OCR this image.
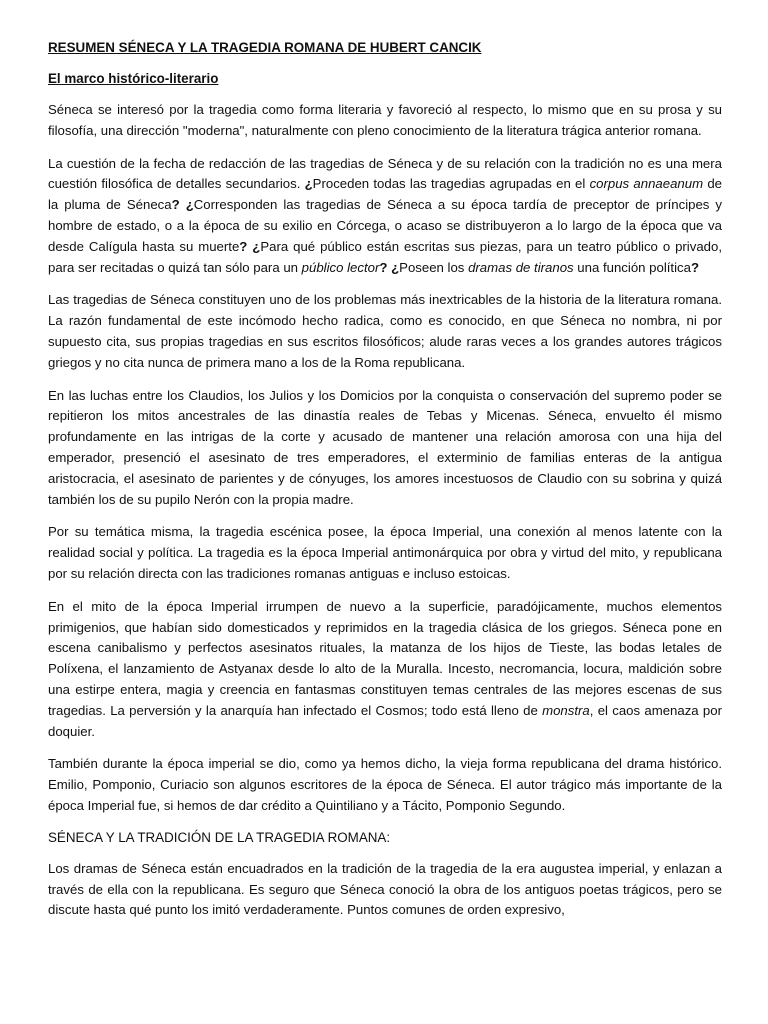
RESUMEN SÉNECA Y LA TRAGEDIA ROMANA DE HUBERT CANCIK
El marco histórico-literario

Séneca se interesó por la tragedia como forma literaria y favoreció al respecto, lo mismo que en su prosa y su filosofía, una dirección "moderna", naturalmente con pleno conocimiento de la literatura trágica anterior romana.

La cuestión de la fecha de redacción de las tragedias de Séneca y de su relación con la tradición no es una mera cuestión filosófica de detalles secundarios. ¿Proceden todas las tragedias agrupadas en el corpus annaeanum de la pluma de Séneca? ¿Corresponden las tragedias de Séneca a su época tardía de preceptor de príncipes y hombre de estado, o a la época de su exilio en Córcega, o acaso se distribuyeron a lo largo de la época que va desde Calígula hasta su muerte? ¿Para qué público están escritas sus piezas, para un teatro público o privado, para ser recitadas o quizá tan sólo para un público lector? ¿Poseen los dramas de tiranos una función política?

Las tragedias de Séneca constituyen uno de los problemas más inextricables de la historia de la literatura romana. La razón fundamental de este incómodo hecho radica, como es conocido, en que Séneca no nombra, ni por supuesto cita, sus propias tragedias en sus escritos filosóficos; alude raras veces a los grandes autores trágicos griegos y no cita nunca de primera mano a los de la Roma republicana.

En las luchas entre los Claudios, los Julios y los Domicios por la conquista o conservación del supremo poder se repitieron los mitos ancestrales de las dinastía reales de Tebas y Micenas. Séneca, envuelto él mismo profundamente en las intrigas de la corte y acusado de mantener una relación amorosa con una hija del emperador, presenció el asesinato de tres emperadores, el exterminio de familias enteras de la antigua aristocracia, el asesinato de parientes y de cónyuges, los amores incestuosos de Claudio con su sobrina y quizá también los de su pupilo Nerón con la propia madre.

Por su temática misma, la tragedia escénica posee, la época Imperial, una conexión al menos latente con la realidad social y política. La tragedia es la época Imperial antimonárquica por obra y virtud del mito, y republicana por su relación directa con las tradiciones romanas antiguas e incluso estoicas.

En el mito de la época Imperial irrumpen de nuevo a la superficie, paradójicamente, muchos elementos primigenios, que habían sido domesticados y reprimidos en la tragedia clásica de los griegos. Séneca pone en escena canibalismo y perfectos asesinatos rituales, la matanza de los hijos de Tieste, las bodas letales de Políxena, el lanzamiento de Astyanax desde lo alto de la Muralla. Incesto, necromancia, locura, maldición sobre una estirpe entera, magia y creencia en fantasmas constituyen temas centrales de las mejores escenas de sus tragedias. La perversión y la anarquía han infectado el Cosmos; todo está lleno de monstra, el caos amenaza por doquier.

También durante la época imperial se dio, como ya hemos dicho, la vieja forma republicana del drama histórico. Emilio, Pomponio, Curiacio son algunos escritores de la época de Séneca. El autor trágico más importante de la época Imperial fue, si hemos de dar crédito a Quintiliano y a Tácito, Pomponio Segundo.

SÉNECA Y LA TRADICIÓN DE LA TRAGEDIA ROMANA:

Los dramas de Séneca están encuadrados en la tradición de la tragedia de la era augustea imperial, y enlazan a través de ella con la republicana. Es seguro que Séneca conoció la obra de los antiguos poetas trágicos, pero se discute hasta qué punto los imitó verdaderamente. Puntos comunes de orden expresivo,
